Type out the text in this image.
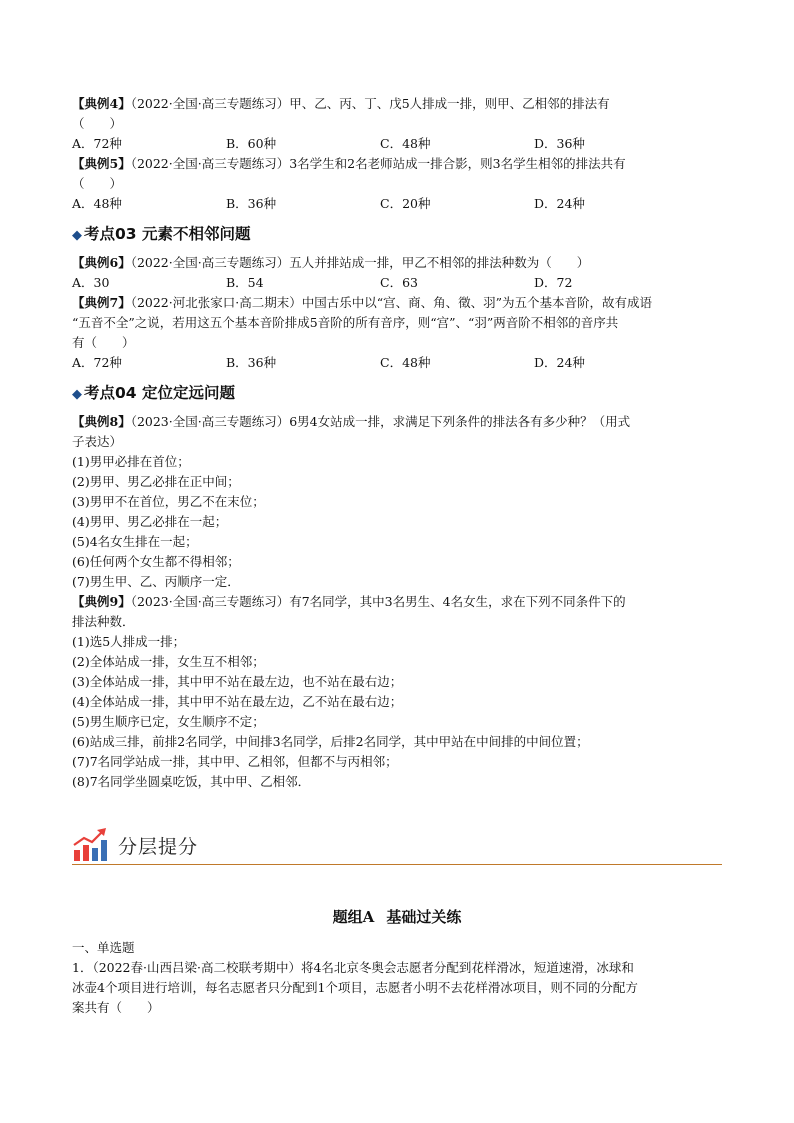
【典例4】（2022·全国·高三专题练习）甲、乙、丙、丁、戊5人排成一排，则甲、乙相邻的排法有

（　　）

A．72种	B．60种	C．48种	D．36种

【典例5】（2022·全国·高三专题练习）3名学生和2名老师站成一排合影，则3名学生相邻的排法共有

（　　）

A．48种	B．36种	C．20种	D．24种
◆ 考点03 元素不相邻问题

【典例6】（2022·全国·高三专题练习）五人并排站成一排，甲乙不相邻的排法种数为（　　）

A．30	B．54	C．63	D．72

【典例7】（2022·河北张家口·高二期末）中国古乐中以“宫、商、角、徵、羽”为五个基本音阶，故有成语

“五音不全”之说，若用这五个基本音阶排成5音阶的所有音序，则“宫”、“羽”两音阶不相邻的音序共

有（　　）

A．72种	B．36种	C．48种	D．24种
◆ 考点04 定位定远问题

【典例8】（2023·全国·高三专题练习）6男4女站成一排，求满足下列条件的排法各有多少种？（用式

子表达）

(1)男甲必排在首位；

(2)男甲、男乙必排在正中间；

(3)男甲不在首位，男乙不在末位；

(4)男甲、男乙必排在一起；

(5)4名女生排在一起；

(6)任何两个女生都不得相邻；

(7)男生甲、乙、丙顺序一定．

【典例9】（2023·全国·高三专题练习）有7名同学，其中3名男生、4名女生，求在下列不同条件下的

排法种数．

(1)选5人排成一排；

(2)全体站成一排，女生互不相邻；

(3)全体站成一排，其中甲不站在最左边，也不站在最右边；

(4)全体站成一排，其中甲不站在最左边，乙不站在最右边；

(5)男生顺序已定，女生顺序不定；

(6)站成三排，前排2名同学，中间排3名同学，后排2名同学，其中甲站在中间排的中间位置；

(7)7名同学站成一排，其中甲、乙相邻，但都不与丙相邻；

(8)7名同学坐圆桌吃饭，其中甲、乙相邻．

分层提分
题组A 基础过关练

一、单选题

1．（2022春·山西吕梁·高二校联考期中）将4名北京冬奥会志愿者分配到花样滑冰，短道速滑，冰球和

冰壶4个项目进行培训，每名志愿者只分配到1个项目，志愿者小明不去花样滑冰项目，则不同的分配方

案共有（　　）
